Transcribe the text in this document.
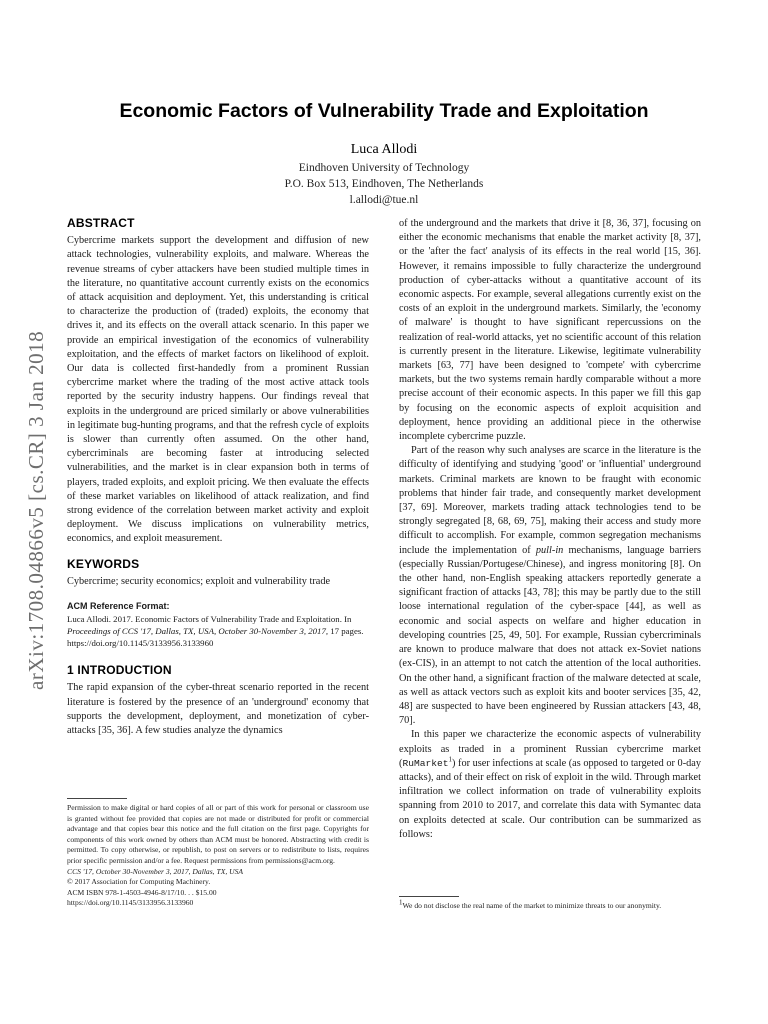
arXiv:1708.04866v5 [cs.CR] 3 Jan 2018
Economic Factors of Vulnerability Trade and Exploitation
Luca Allodi
Eindhoven University of Technology
P.O. Box 513, Eindhoven, The Netherlands
l.allodi@tue.nl
ABSTRACT

Cybercrime markets support the development and diffusion of new attack technologies, vulnerability exploits, and malware. Whereas the revenue streams of cyber attackers have been studied multiple times in the literature, no quantitative account currently exists on the economics of attack acquisition and deployment. Yet, this understanding is critical to characterize the production of (traded) exploits, the economy that drives it, and its effects on the overall attack scenario. In this paper we provide an empirical investigation of the economics of vulnerability exploitation, and the effects of market factors on likelihood of exploit. Our data is collected first-handedly from a prominent Russian cybercrime market where the trading of the most active attack tools reported by the security industry happens. Our findings reveal that exploits in the underground are priced similarly or above vulnerabilities in legitimate bug-hunting programs, and that the refresh cycle of exploits is slower than currently often assumed. On the other hand, cybercriminals are becoming faster at introducing selected vulnerabilities, and the market is in clear expansion both in terms of players, traded exploits, and exploit pricing. We then evaluate the effects of these market variables on likelihood of attack realization, and find strong evidence of the correlation between market activity and exploit deployment. We discuss implications on vulnerability metrics, economics, and exploit measurement.

KEYWORDS

Cybercrime; security economics; exploit and vulnerability trade

ACM Reference Format:

Luca Allodi. 2017. Economic Factors of Vulnerability Trade and Exploitation. In Proceedings of CCS '17, Dallas, TX, USA, October 30-November 3, 2017, 17 pages.
https://doi.org/10.1145/3133956.3133960

1 INTRODUCTION

The rapid expansion of the cyber-threat scenario reported in the recent literature is fostered by the presence of an 'underground' economy that supports the development, deployment, and monetization of cyber-attacks [35, 36]. A few studies analyze the dynamics

Permission to make digital or hard copies of all or part of this work for personal or classroom use is granted without fee provided that copies are not made or distributed for profit or commercial advantage and that copies bear this notice and the full citation on the first page. Copyrights for components of this work owned by others than ACM must be honored. Abstracting with credit is permitted. To copy otherwise, or republish, to post on servers or to redistribute to lists, requires prior specific permission and/or a fee. Request permissions from permissions@acm.org.

CCS '17, October 30-November 3, 2017, Dallas, TX, USA

© 2017 Association for Computing Machinery.

ACM ISBN 978-1-4503-4946-8/17/10. . . $15.00

https://doi.org/10.1145/3133956.3133960

of the underground and the markets that drive it [8, 36, 37], focusing on either the economic mechanisms that enable the market activity [8, 37], or the 'after the fact' analysis of its effects in the real world [15, 36]. However, it remains impossible to fully characterize the underground production of cyber-attacks without a quantitative account of its economic aspects. For example, several allegations currently exist on the costs of an exploit in the underground markets. Similarly, the 'economy of malware' is thought to have significant repercussions on the realization of real-world attacks, yet no scientific account of this relation is currently present in the literature. Likewise, legitimate vulnerability markets [63, 77] have been designed to 'compete' with cybercrime markets, but the two systems remain hardly comparable without a more precise account of their economic aspects. In this paper we fill this gap by focusing on the economic aspects of exploit acquisition and deployment, hence providing an additional piece in the otherwise incomplete cybercrime puzzle.

Part of the reason why such analyses are scarce in the literature is the difficulty of identifying and studying 'good' or 'influential' underground markets. Criminal markets are known to be fraught with economic problems that hinder fair trade, and consequently market development [37, 69]. Moreover, markets trading attack technologies tend to be strongly segregated [8, 68, 69, 75], making their access and study more difficult to accomplish. For example, common segregation mechanisms include the implementation of pull-in mechanisms, language barriers (especially Russian/Portugese/Chinese), and ingress monitoring [8]. On the other hand, non-English speaking attackers reportedly generate a significant fraction of attacks [43, 78]; this may be partly due to the still loose international regulation of the cyber-space [44], as well as economic and social aspects on welfare and higher education in developing countries [25, 49, 50]. For example, Russian cybercriminals are known to produce malware that does not attack ex-Soviet nations (ex-CIS), in an attempt to not catch the attention of the local authorities. On the other hand, a significant fraction of the malware detected at scale, as well as attack vectors such as exploit kits and booter services [35, 42, 48] are suspected to have been engineered by Russian attackers [43, 48, 70].

In this paper we characterize the economic aspects of vulnerability exploits as traded in a prominent Russian cybercrime market (RuMarket$^1$) for user infections at scale (as opposed to targeted or 0-day attacks), and of their effect on risk of exploit in the wild. Through market infiltration we collect information on trade of vulnerability exploits spanning from 2010 to 2017, and correlate this data with Symantec data on exploits detected at scale. Our contribution can be summarized as follows:

$^1$We do not disclose the real name of the market to minimize threats to our anonymity.
